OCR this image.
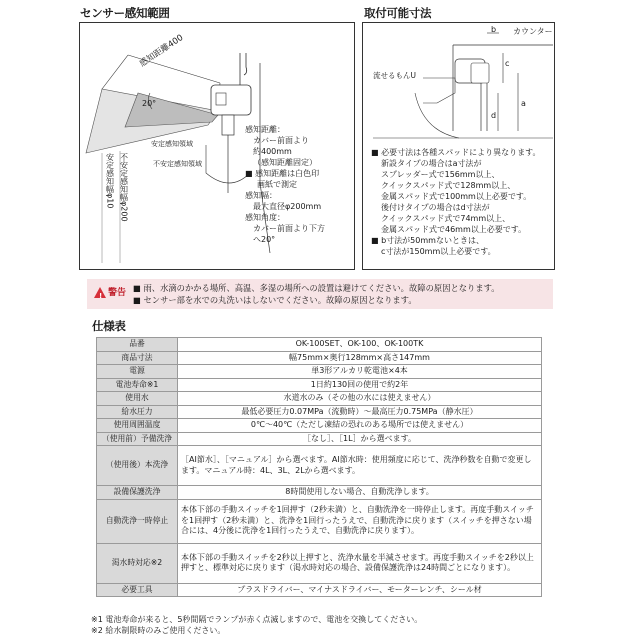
センサー感知範囲
感知距離400
20°
安定感知領域
不安定感知領域
安定感知幅φ10 不安定感知幅φ200
感知距離：
カバー前面より
約400mm
（感知距離固定）
■ 感知距離は白色印
画紙で測定
感知幅：
最大直径φ200mm
感知角度：
カバー前面より下方
へ20°
取付可能寸法
b カウンター
c
流せるもんU
a
d
■ 必要寸法は各種スパッドにより異なります。
新設タイプの場合はa寸法が
スプレッダー式で156mm以上、
クイックスパッド式で128mm以上、
金属スパッド式で100mm以上必要です。
後付けタイプの場合はd寸法が
クイックスパッド式で74mm以上、
金属スパッド式で46mm以上必要です。
■ b寸法が50mmないときは、
c寸法が150mm以上必要です。
! 警告 ■ 雨、水滴のかかる場所、高温、多湿の場所への設置は避けてください。故障の原因となります。
■ センサー部を水での丸洗いはしないでください。故障の原因となります。
仕様表
品番	OK-100SET、OK-100、OK-100TK
商品寸法	幅75mm×奥行128mm×高さ147mm
電源	単3形アルカリ乾電池×4本
電池寿命※1	1日約130回の使用で約2年
使用水	水道水のみ（その他の水には使えません）
給水圧力	最低必要圧力0.07MPa（流動時）～最高圧力0.75MPa（静水圧）
使用周囲温度	0℃～40℃（ただし凍結の恐れのある場所では使えません）
（使用前）予備洗浄	［なし］、［1L］から選べます。
（使用後）本洗浄	［AI節水］、［マニュアル］から選べます。AI節水時：使用頻度に応じて、洗浄秒数を自動で変更します。マニュアル時：4L、3L、2Lから選べます。
設備保護洗浄	8時間使用しない場合、自動洗浄します。
自動洗浄一時停止	本体下部の手動スイッチを1回押す（2秒未満）と、自動洗浄を一時停止します。再度手動スイッチを1回押す（2秒未満）と、洗浄を1回行ったうえで、自動洗浄に戻ります（スイッチを押さない場合には、4分後に洗浄を1回行ったうえで、自動洗浄に戻ります）。
渇水時対応※2	本体下部の手動スイッチを2秒以上押すと、洗浄水量を半減させます。再度手動スイッチを2秒以上押すと、標準対応に戻ります（渇水時対応の場合、設備保護洗浄は24時間ごとになります）。
必要工具	プラスドライバー、マイナスドライバー、モーターレンチ、シール材
※1 電池寿命が来ると、5秒間隔でランプが赤く点滅しますので、電池を交換してください。
※2 給水制限時のみご使用ください。
